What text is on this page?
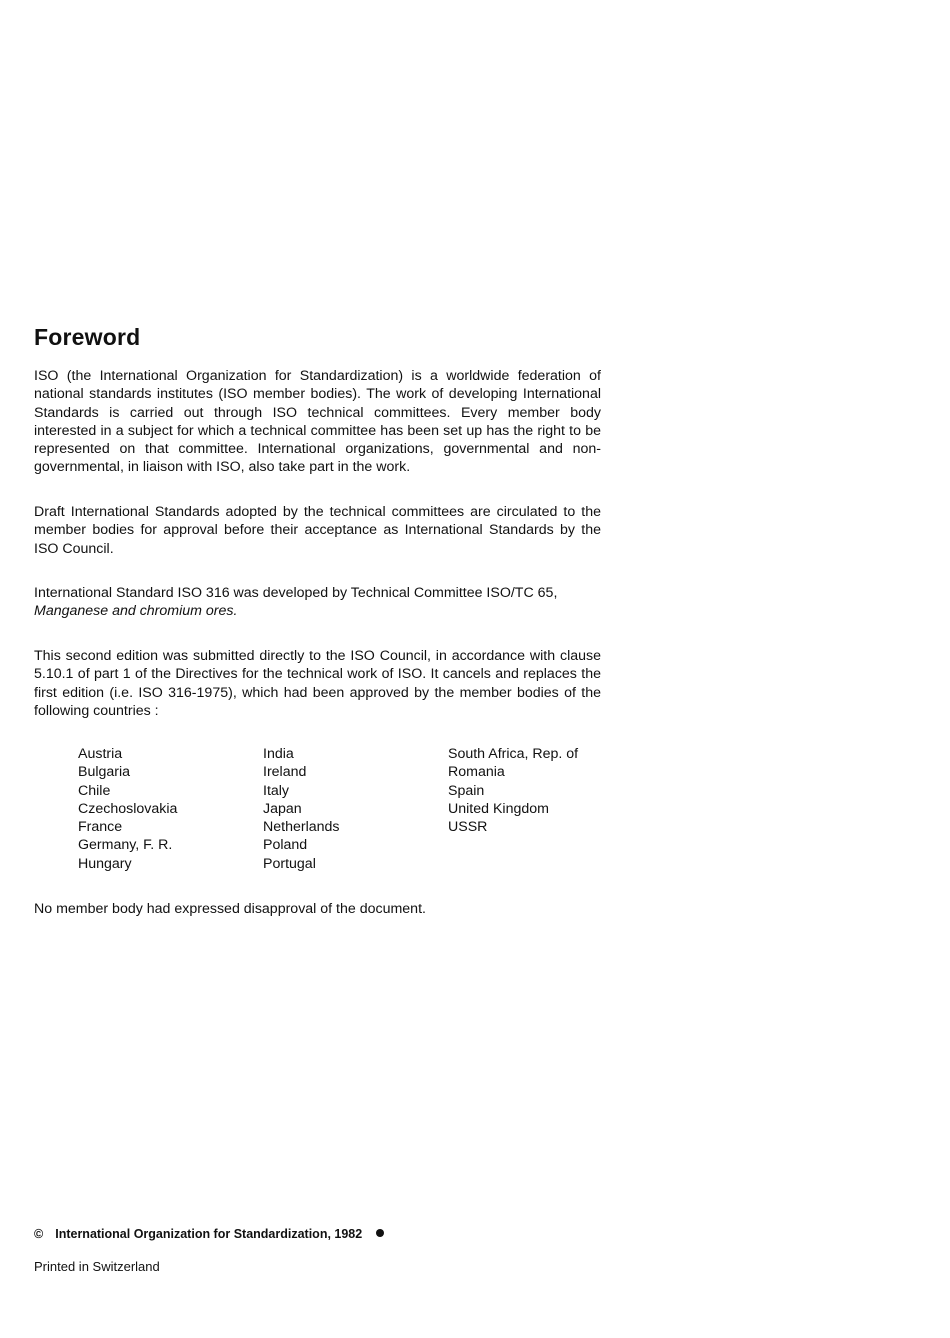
Foreword

ISO (the International Organization for Standardization) is a worldwide federation of national standards institutes (ISO member bodies). The work of developing International Standards is carried out through ISO technical committees. Every member body interested in a subject for which a technical committee has been set up has the right to be represented on that committee. International organizations, governmental and non-governmental, in liaison with ISO, also take part in the work.

Draft International Standards adopted by the technical committees are circulated to the member bodies for approval before their acceptance as International Standards by the ISO Council.

International Standard ISO 316 was developed by Technical Committee ISO/TC 65,
Manganese and chromium ores.

This second edition was submitted directly to the ISO Council, in accordance with clause 5.10.1 of part 1 of the Directives for the technical work of ISO. It cancels and replaces the first edition (i.e. ISO 316-1975), which had been approved by the member bodies of the following countries :

Austria
Bulgaria
Chile
Czechoslovakia
France
Germany, F. R.
Hungary
India
Ireland
Italy
Japan
Netherlands
Poland
Portugal
South Africa, Rep. of
Romania
Spain
United Kingdom
USSR

No member body had expressed disapproval of the document.

© International Organization for Standardization, 1982
Printed in Switzerland
